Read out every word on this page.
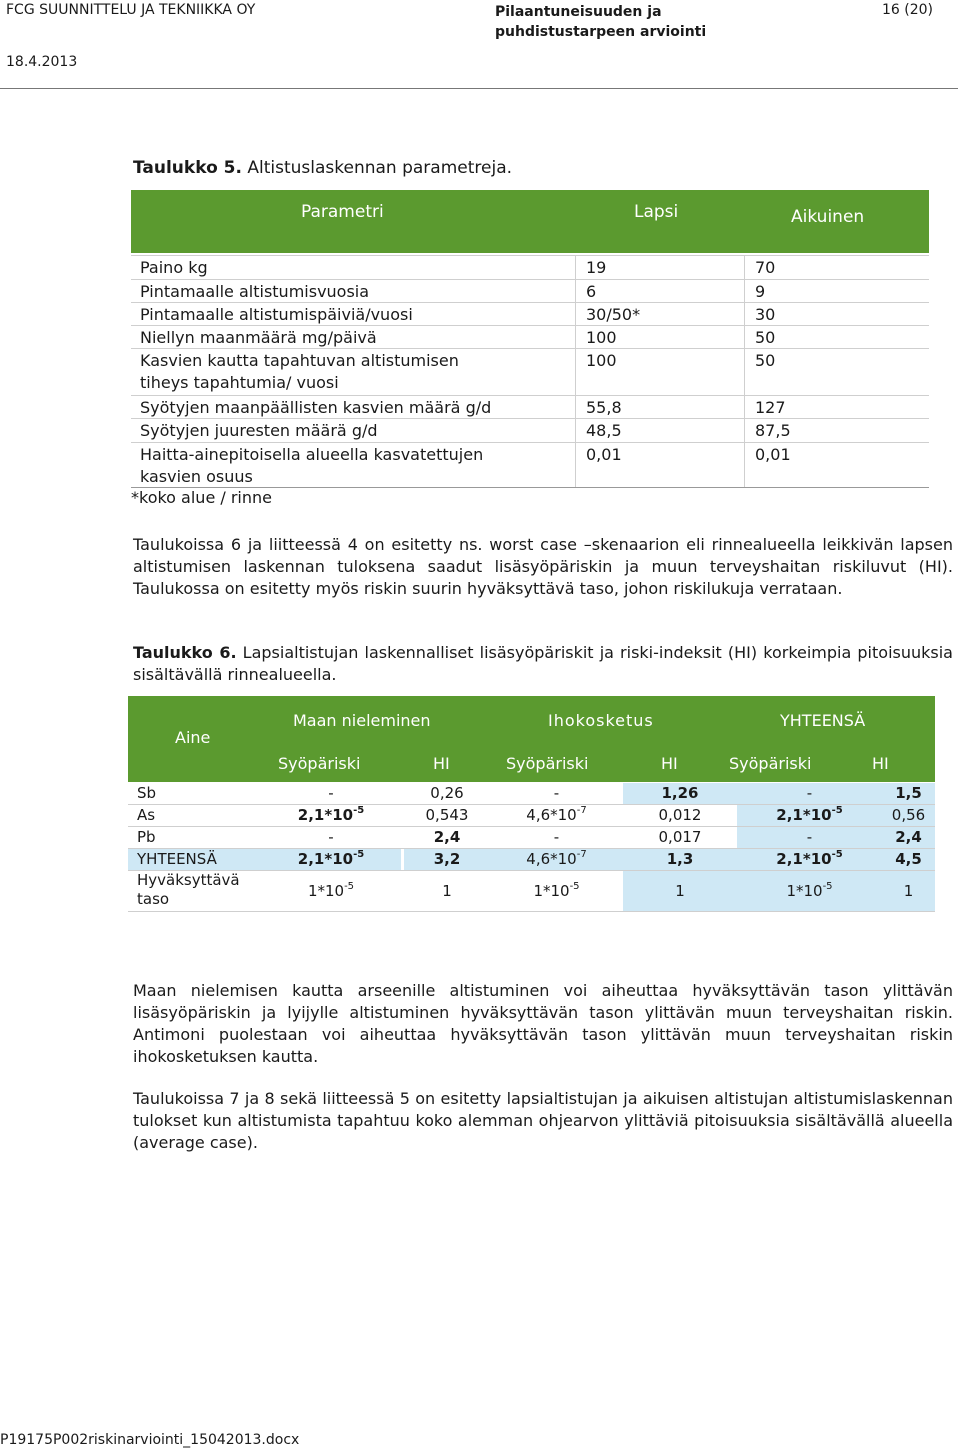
FCG SUUNNITTELU JA TEKNIIKKA OY	Pilaantuneisuuden ja
puhdistustarpeen arviointi
16 (20)
18.4.2013
Taulukko 5. Altistuslaskennan parametreja.
Parametri	Lapsi	Aikuinen
Paino kg	19	70
Pintamaalle altistumisvuosia	6	9
Pintamaalle altistumispäiviä/vuosi	30/50*	30
Niellyn maanmäärä mg/päivä	100	50
Kasvien kautta tapahtuvan altistumisen
tiheys tapahtumia/ vuosi
100	50
Syötyjen maanpäällisten kasvien määrä g/d	55,8	127
Syötyjen juuresten määrä g/d	48,5	87,5
Haitta-ainepitoisella alueella kasvatettujen
kasvien osuus
0,01	0,01
*koko alue / rinne
Taulukoissa 6 ja liitteessä 4 on esitetty ns. worst case –skenaarion eli rinnealueella leikkivän lapsen altistumisen laskennan tuloksena saadut lisäsyöpäriskin ja muun terveyshaitan riskiluvut (HI). Taulukossa on esitetty myös riskin suurin hyväksyttävä taso, johon riskilukuja verrataan.
Taulukko 6. Lapsialtistujan laskennalliset lisäsyöpäriskit ja riski-indeksit (HI) korkeimpia pitoisuuksia sisältävällä rinnealueella.
Aine
Maan nieleminen	Ihokosketus	YHTEENSÄ
Syöpäriski	HI	Syöpäriski	HI	Syöpäriski	HI
Sb	-	0,26	-	1,26	-	1,5
As	$2,1*10^{-5}$	0,543	$4,6*10^{-7}$	0,012	$2,1*10^{-5}$	0,56
Pb	-	2,4	-	0,017	-	2,4
YHTEENSÄ	$2,1*10^{-5}$	3,2	$4,6*10^{-7}$	1,3	$2,1*10^{-5}$	4,5
Hyväksyttävä
taso	$1*10^{-5}$	1	$1*10^{-5}$	1	$1*10^{-5}$	1
Maan nielemisen kautta arseenille altistuminen voi aiheuttaa hyväksyttävän tason ylittävän lisäsyöpäriskin ja lyijylle altistuminen hyväksyttävän tason ylittävän muun terveyshaitan riskin. Antimoni puolestaan voi aiheuttaa hyväksyttävän tason ylittävän muun terveyshaitan riskin ihokosketuksen kautta.
Taulukoissa 7 ja 8 sekä liitteessä 5 on esitetty lapsialtistujan ja aikuisen altistujan altistumislaskennan tulokset kun altistumista tapahtuu koko alemman ohjearvon ylittäviä pitoisuuksia sisältävällä alueella (average case).
P19175P002riskinarviointi_15042013.docx
